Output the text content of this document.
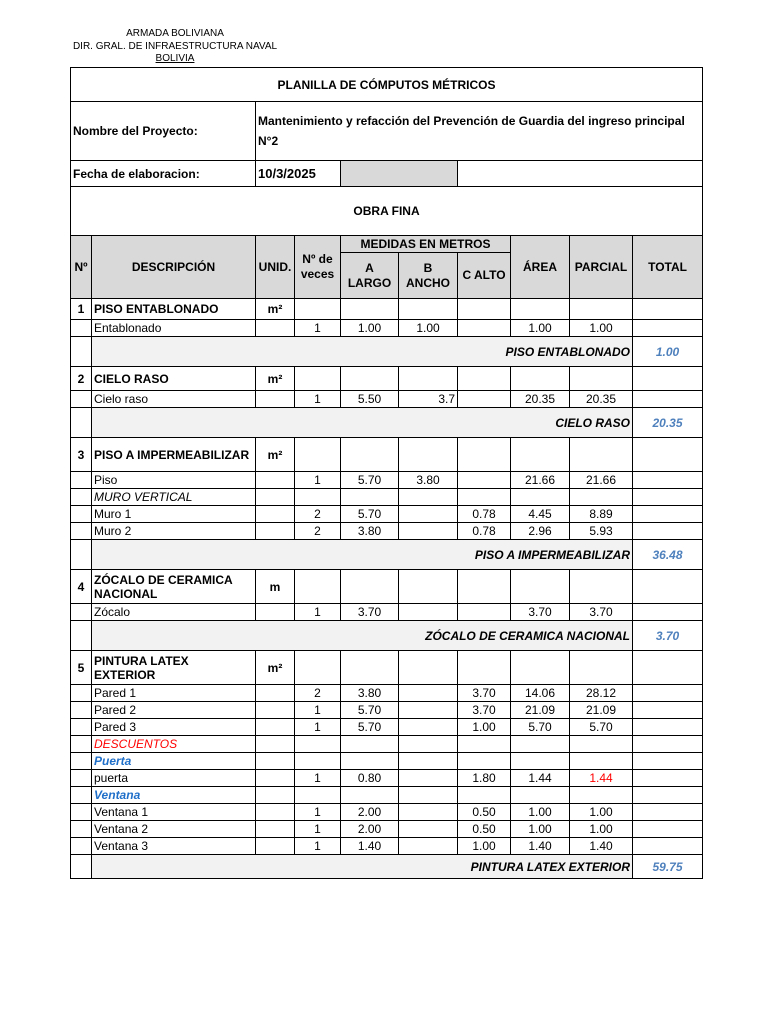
ARMADA BOLIVIANA
DIR. GRAL. DE INFRAESTRUCTURA NAVAL
BOLIVIA
PLANILLA DE CÓMPUTOS MÉTRICOS									
Nombre del Proyecto:		Mantenimiento y refacción del Prevención de Guardia del ingreso principal N°2							
Fecha de elaboracion:		10/3/2025							
OBRA FINA									
Nº	DESCRIPCIÓN	UNID.	Nº de veces	MEDIDAS EN METROS			ÁREA	PARCIAL	TOTAL
				A LARGO	B ANCHO	C ALTO			
1	PISO ENTABLONADO	m²							
	Entablonado		1	1.00	1.00		1.00	1.00	
	PISO ENTABLONADO								1.00
2	CIELO RASO	m²							
	Cielo raso		1	5.50	3.7		20.35	20.35	
	CIELO RASO								20.35
3	PISO A IMPERMEABILIZAR	m²							
	Piso		1	5.70	3.80		21.66	21.66	
	MURO VERTICAL								
	Muro 1		2	5.70		0.78	4.45	8.89	
	Muro 2		2	3.80		0.78	2.96	5.93	
	PISO A IMPERMEABILIZAR								36.48
4	ZÓCALO DE CERAMICA NACIONAL	m							
	Zócalo		1	3.70			3.70	3.70	
	ZÓCALO DE CERAMICA NACIONAL								3.70
5	PINTURA LATEX EXTERIOR	m²							
	Pared 1		2	3.80		3.70	14.06	28.12	
	Pared 2		1	5.70		3.70	21.09	21.09	
	Pared 3		1	5.70		1.00	5.70	5.70	
	DESCUENTOS								
	Puerta								
	puerta		1	0.80		1.80	1.44	1.44	
	Ventana								
	Ventana 1		1	2.00		0.50	1.00	1.00	
	Ventana 2		1	2.00		0.50	1.00	1.00	
	Ventana 3		1	1.40		1.00	1.40	1.40	
	PINTURA LATEX EXTERIOR								59.75
